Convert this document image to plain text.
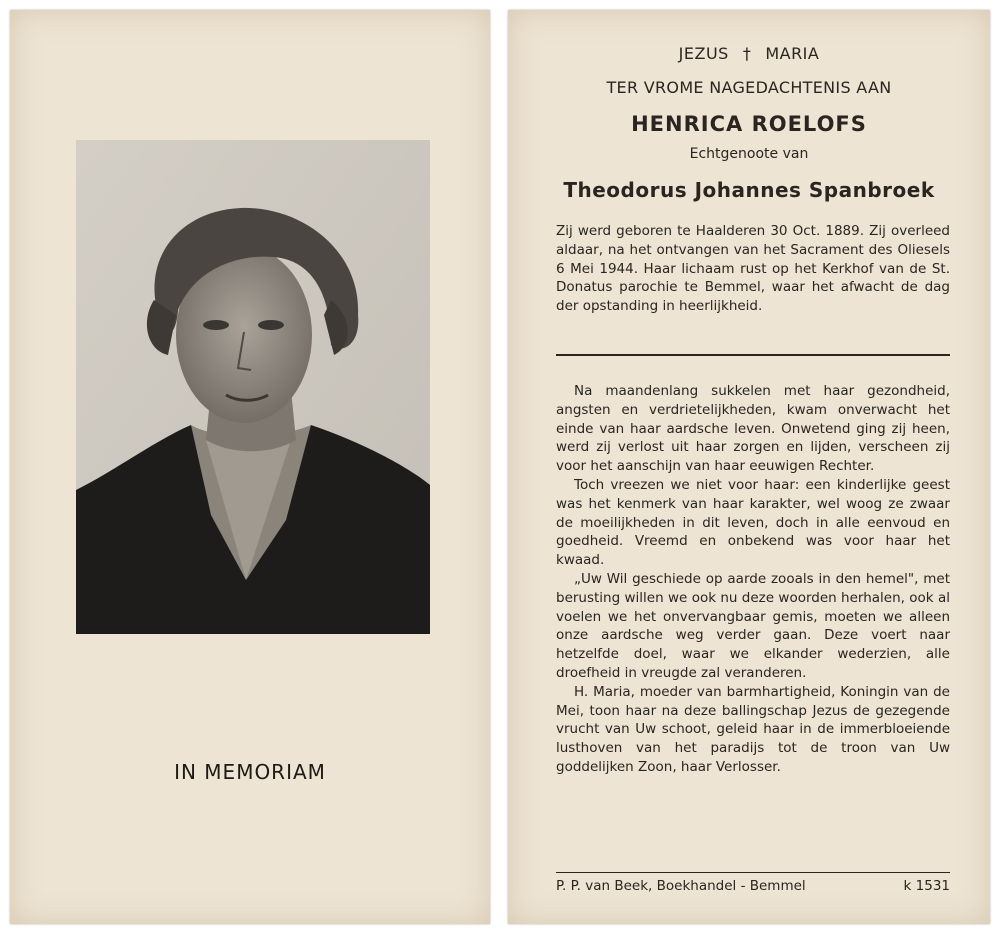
IN MEMORIAM
JEZUS † MARIA
TER VROME NAGEDACHTENIS AAN
HENRICA ROELOFS
Echtgenoote van
Theodorus Johannes Spanbroek

Zij werd geboren te Haalderen 30 Oct. 1889. Zij overleed aldaar, na het ontvangen van het Sacrament des Oliesels 6 Mei 1944. Haar lichaam rust op het Kerkhof van de St. Donatus parochie te Bemmel, waar het afwacht de dag der opstanding in heerlijkheid.

Na maandenlang sukkelen met haar gezondheid, angsten en verdrietelijkheden, kwam onverwacht het einde van haar aardsche leven. Onwetend ging zij heen, werd zij verlost uit haar zorgen en lijden, verscheen zij voor het aanschijn van haar eeuwigen Rechter.

Toch vreezen we niet voor haar: een kinderlijke geest was het kenmerk van haar karakter, wel woog ze zwaar de moeilijkheden in dit leven, doch in alle eenvoud en goedheid. Vreemd en onbekend was voor haar het kwaad.

„Uw Wil geschiede op aarde zooals in den hemel", met berusting willen we ook nu deze woorden herhalen, ook al voelen we het onvervangbaar gemis, moeten we alleen onze aardsche weg verder gaan. Deze voert naar hetzelfde doel, waar we elkander wederzien, alle droefheid in vreugde zal veranderen.

H. Maria, moeder van barmhartigheid, Koningin van de Mei, toon haar na deze ballingschap Jezus de gezegende vrucht van Uw schoot, geleid haar in de immerbloeiende lusthoven van het paradijs tot de troon van Uw goddelijken Zoon, haar Verlosser.

P. P. van Beek, Boekhandel - Bemmel	k 1531
